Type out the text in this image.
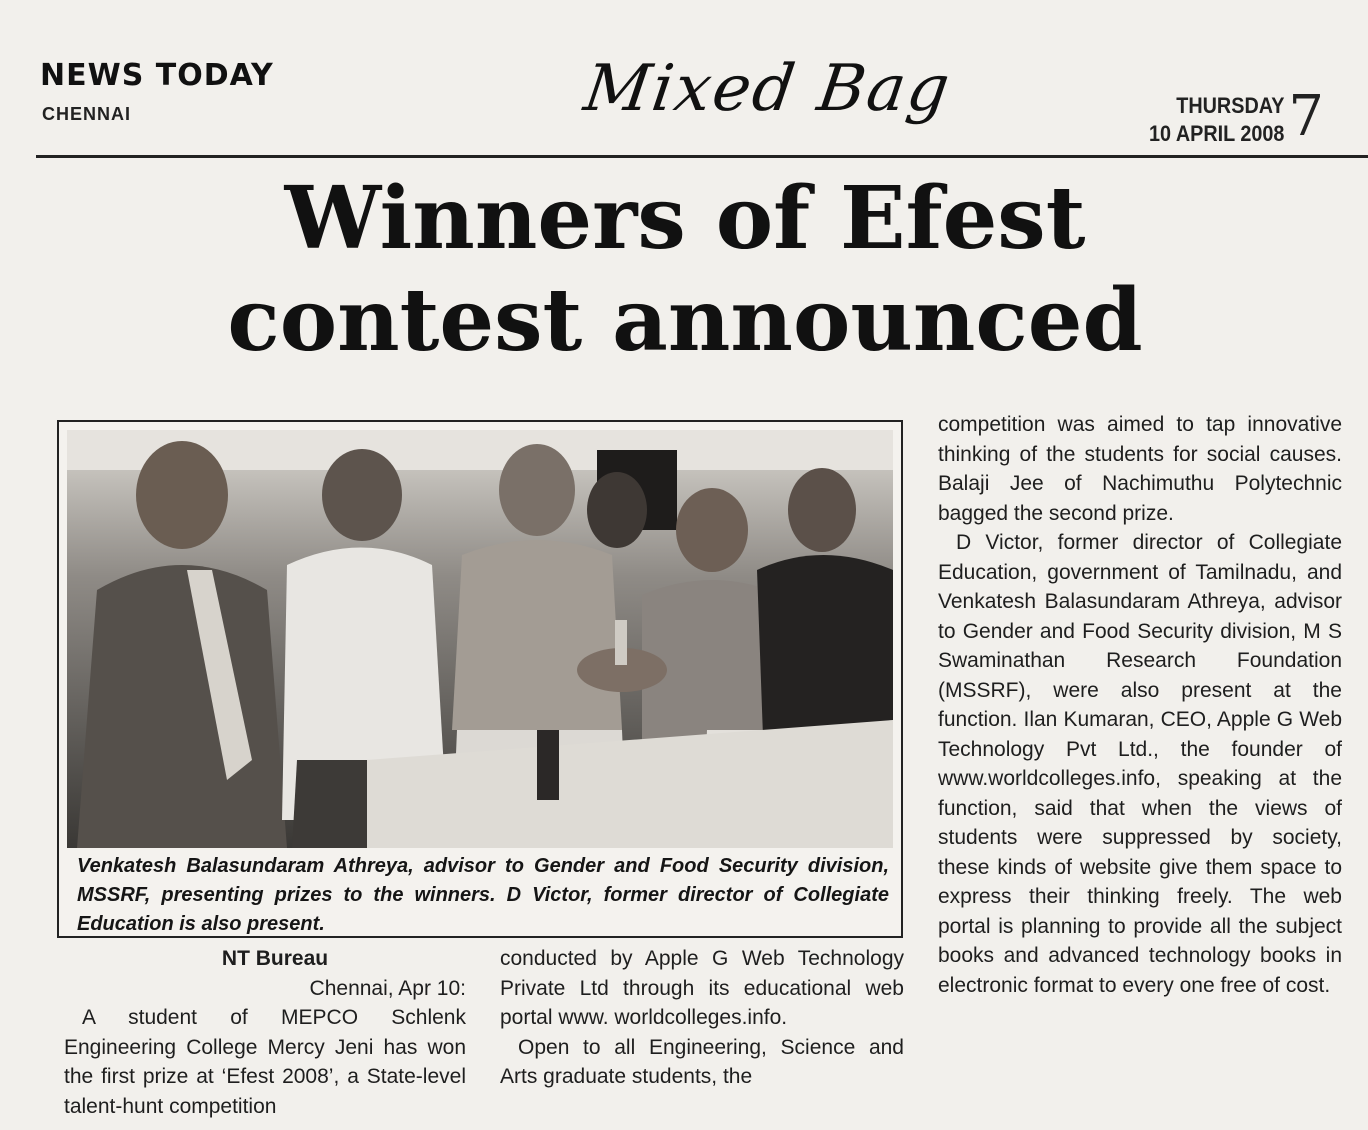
NEWS TODAY
CHENNAI	Mixed Bag	THURSDAY
10 APRIL 2008 7
Winners of Efest
contest announced
Venkatesh Balasundaram Athreya, advisor to Gender and Food Security division, MSSRF, presenting prizes to the winners. D Victor, former director of Collegiate Education is also present.

NT Bureau

Chennai, Apr 10:

A student of MEPCO Schlenk Engineering College Mercy Jeni has won the first prize at ‘Efest 2008’, a State-level talent-hunt competition

conducted by Apple G Web Technology Private Ltd through its educational web portal www. worldcolleges.info.

Open to all Engineering, Science and Arts graduate students, the

competition was aimed to tap innovative thinking of the students for social causes. Balaji Jee of Nachimuthu Polytechnic bagged the second prize.

D Victor, former director of Collegiate Education, government of Tamilnadu, and Venkatesh Balasundaram Athreya, advisor to Gender and Food Security division, M S Swaminathan Research Foundation (MSSRF), were also present at the function. Ilan Kumaran, CEO, Apple G Web Technology Pvt Ltd., the founder of www.worldcolleges.info, speaking at the function, said that when the views of students were suppressed by society, these kinds of website give them space to express their thinking freely. The web portal is planning to provide all the subject books and advanced technology books in electronic format to every one free of cost.
